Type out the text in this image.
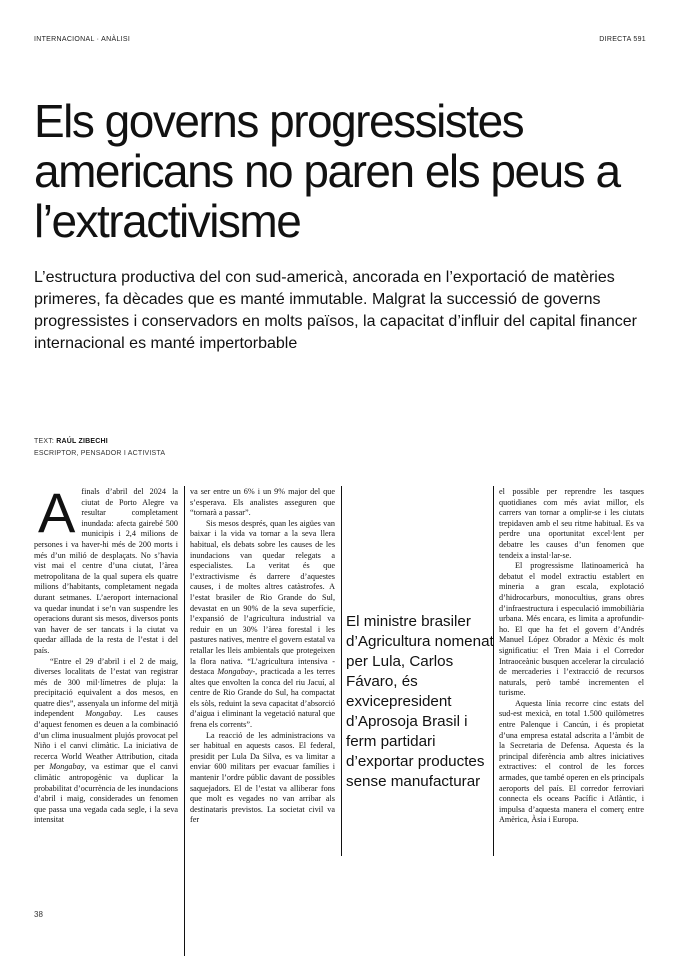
INTERNACIONAL · ANÀLISI	DIRECTA 591
Els governs progressistes americans no paren els peus a l’extractivisme

L’estructura productiva del con sud-americà, ancorada en l’exportació de matèries primeres, fa dècades que es manté immutable. Malgrat la successió de governs progressistes i conservadors en molts països, la capacitat d’influir del capital financer internacional es manté impertorbable

TEXT: RAÚL ZIBECHI
ESCRIPTOR, PENSADOR I ACTIVISTA

Afinals d’abril del 2024 la ciutat de Porto Alegre va resultar completament inundada: afecta gairebé 500 municipis i 2,4 milions de persones i va haver-hi més de 200 morts i més d’un milió de desplaçats. No s’havia vist mai el centre d’una ciutat, l’àrea metropolitana de la qual supera els quatre milions d’habitants, completament negada durant setmanes. L’aeroport internacional va quedar inundat i se’n van suspendre les operacions durant sis mesos, diversos ponts van haver de ser tancats i la ciutat va quedar aïllada de la resta de l’estat i del país.

“Entre el 29 d’abril i el 2 de maig, diverses localitats de l’estat van registrar més de 300 mil·límetres de pluja: la precipitació equivalent a dos mesos, en quatre dies”, assenyala un informe del mitjà independent Mongabay. Les causes d’aquest fenomen es deuen a la combinació d’un clima inusualment plujós provocat pel Niño i el canvi climàtic. La iniciativa de recerca World Weather Attribution, citada per Mongabay, va estimar que el canvi climàtic antropogènic va duplicar la probabilitat d’ocurrència de les inundacions d’abril i maig, considerades un fenomen que passa una vegada cada segle, i la seva intensitat

va ser entre un 6% i un 9% major del que s’esperava. Els analistes asseguren que “tornarà a passar”.

Sis mesos després, quan les aigües van baixar i la vida va tornar a la seva llera habitual, els debats sobre les causes de les inundacions van quedar relegats a especialistes. La veritat és que l’extractivisme és darrere d’aquestes causes, i de moltes altres catàstrofes. A l’estat brasiler de Rio Grande do Sul, devastat en un 90% de la seva superfície, l’expansió de l’agricultura industrial va reduir en un 30% l’àrea forestal i les pastures natives, mentre el govern estatal va retallar les lleis ambientals que protegeixen la flora nativa. “L’agricultura intensiva -destaca Mongabay-, practicada a les terres altes que envolten la conca del riu Jacuí, al centre de Rio Grande do Sul, ha compactat els sòls, reduint la seva capacitat d’absorció d’aigua i eliminant la vegetació natural que frena els corrents”.

La reacció de les administracions va ser habitual en aquests casos. El federal, presidit per Lula Da Silva, es va limitar a enviar 600 militars per evacuar famílies i mantenir l’ordre públic davant de possibles saquejadors. El de l’estat va alliberar fons que molt es vegades no van arribar als destinataris previstos. La societat civil va fer

El ministre brasiler d’Agricultura nomenat per Lula, Carlos Fávaro, és exvicepresident d’Aprosoja Brasil i ferm partidari d’exportar productes sense manufacturar

el possible per reprendre les tasques quotidianes com més aviat millor, els carrers van tornar a omplir-se i les ciutats trepidaven amb el seu ritme habitual. Es va perdre una oportunitat excel·lent per debatre les causes d’un fenomen que tendeix a instal·lar-se.

El progressisme llatinoamericà ha debatut el model extractiu establert en mineria a gran escala, explotació d’hidrocarburs, monocultius, grans obres d’infraestructura i especulació immobiliària urbana. Més encara, es limita a aprofundir-ho. El que ha fet el govern d’Andrés Manuel López Obrador a Mèxic és molt significatiu: el Tren Maia i el Corredor Intraoceànic busquen accelerar la circulació de mercaderies i l’extracció de recursos naturals, però també incrementen el turisme.

Aquesta línia recorre cinc estats del sud-est mexicà, en total 1.500 quilòmetres entre Palenque i Cancún, i és propietat d’una empresa estatal adscrita a l’àmbit de la Secretaria de Defensa. Aquesta és la principal diferència amb altres iniciatives extractives: el control de les forces armades, que també operen en els principals aeroports del país. El corredor ferroviari connecta els oceans Pacífic i Atlàntic, i impulsa d’aquesta manera el comerç entre Amèrica, Àsia i Europa.

38
